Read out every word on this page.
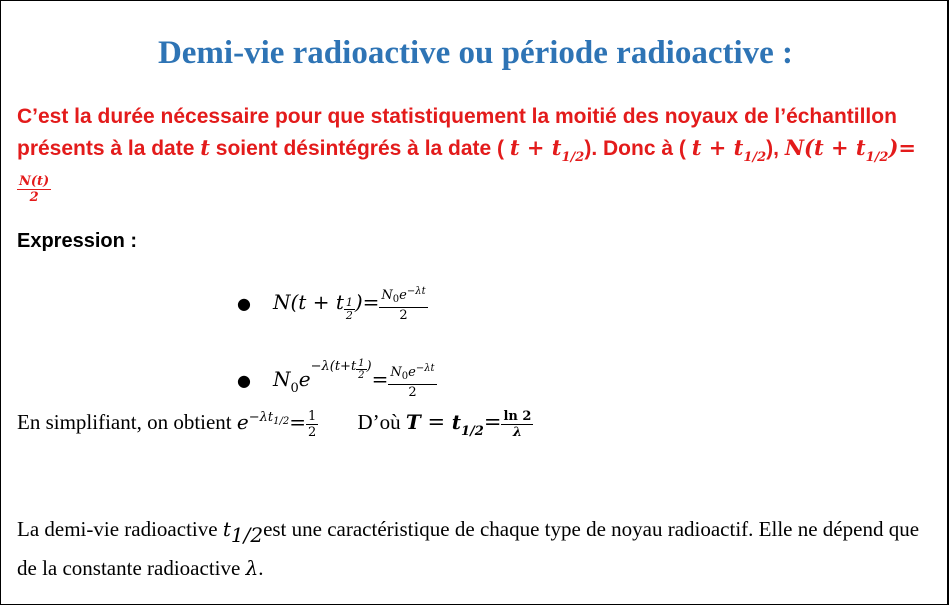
Demi-vie radioactive ou période radioactive :
C’est la durée nécessaire pour que statistiquement la moitié des noyaux de l’échantillon présents à la date t soient désintégrés à la date ( $t + t_{1/2}$). Donc à ( $t + t_{1/2}$), $N(t + t_{1/2})=$
$\frac{N(t)}{2}$
Expression :
● N(t + t $\frac{1}{2}$ )= $\frac{N_0e^{-\lambda t}}{2}$
● $N_0e^{-\lambda(t+t \frac{1}{2} )}= \frac{N_0e^{-\lambda t}}{2}$
En simplifiant, on obtient $e^{-\lambda t_{1/2}}= \frac{1}{2}$ D’où $T = t_{1/2}= \frac{\ln 2}{\lambda}$
La demi-vie radioactive t1/2est une caractéristique de chaque type de noyau radioactif. Elle ne dépend que de la constante radioactive λ.
